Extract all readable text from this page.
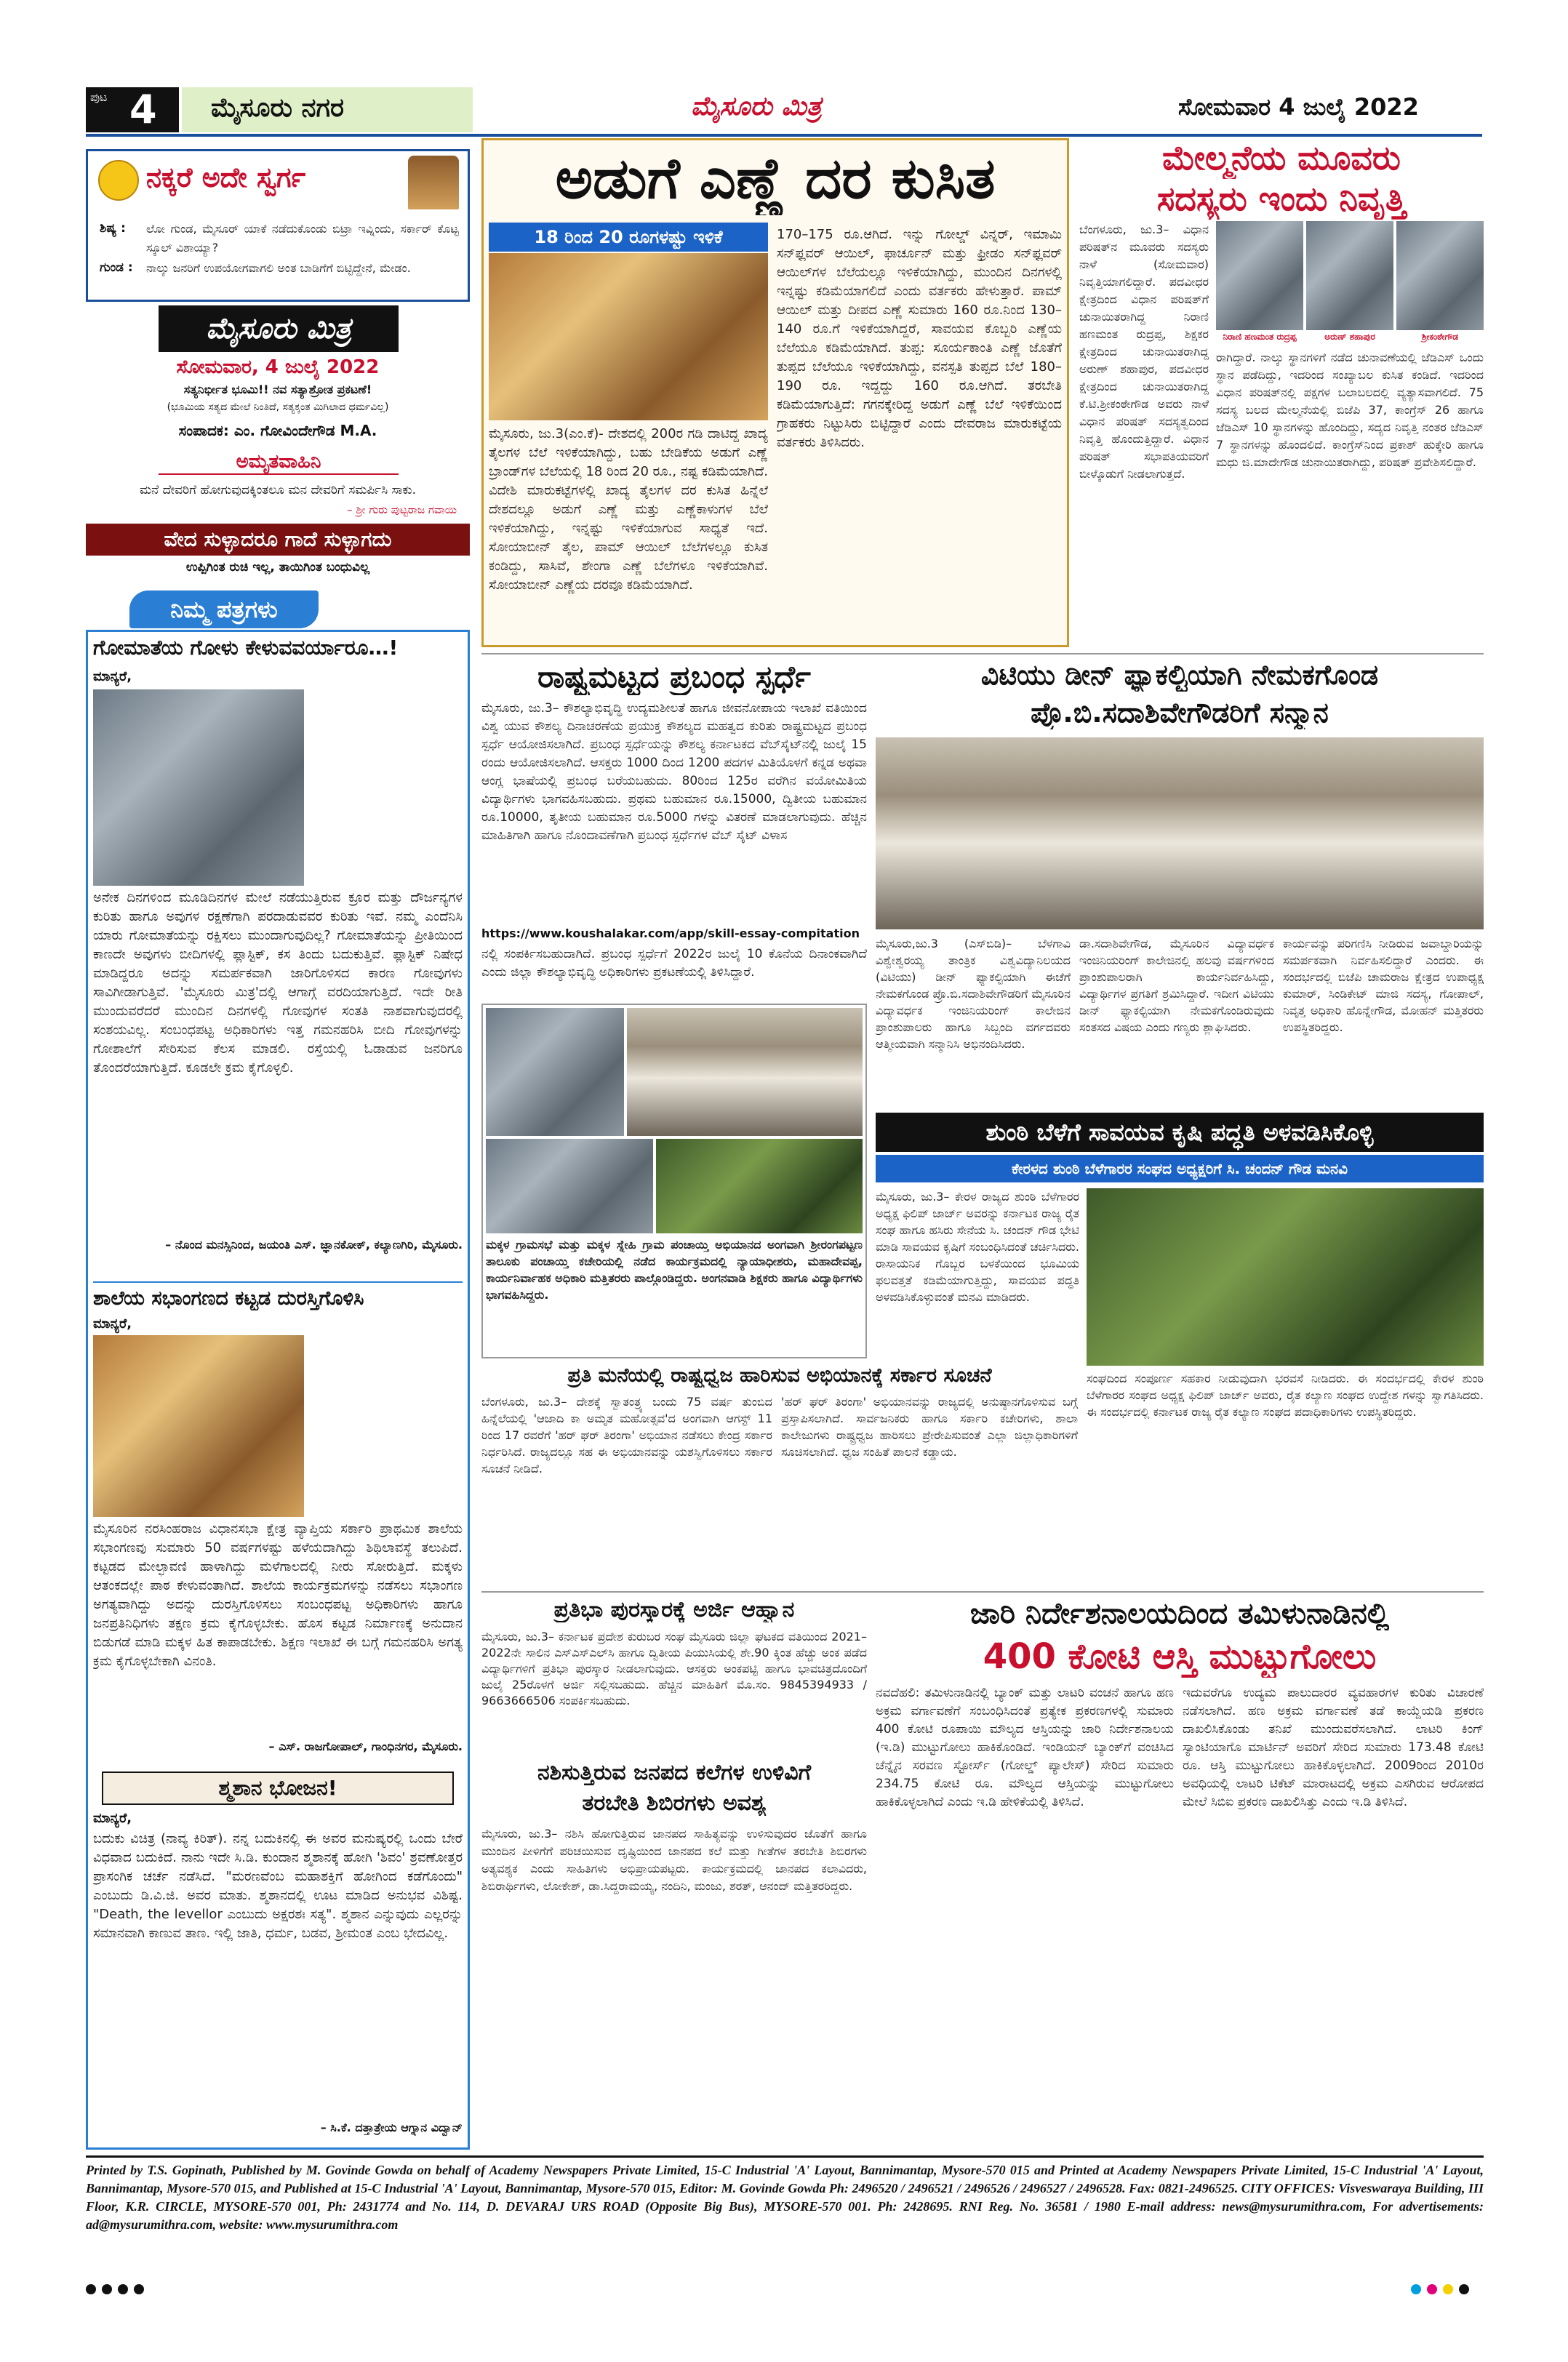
ಪುಟ 4 ಮೈಸೂರು ನಗರ	ಮೈಸೂರು ಮಿತ್ರ	ಸೋಮವಾರ 4 ಜುಲೈ 2022
ನಕ್ಕರೆ ಅದೇ ಸ್ವರ್ಗ
ಶಿಷ್ಯ : ಲೋ ಗುಂಡ, ಮೈಸೂರ್ ಯಾಕೆ ನಡೆದುಕೊಂಡು ಬಿಟ್ರಾ ಇವ್ನಿಂದು, ಸರ್ಕಾರ್ ಕೊಟ್ಟ ಸ್ಕೂಲ್ ವಿಶಾಯ್ಯಾ?
ಗುಂಡ : ನಾಲ್ಕು ಜನರಿಗೆ ಉಪಯೋಗವಾಗಲಿ ಅಂತ ಬಾಡಿಗೆಗೆ ಬಿಟ್ಟಿದ್ದೇನೆ, ಮೇಡಂ.
ಮೈಸೂರು ಮಿತ್ರ
ಸೋಮವಾರ, 4 ಜುಲೈ 2022
ಸತ್ಯನಿರ್ಭೀತ ಭೂಮಿ!! ನವ ಸತ್ಯಾಶ್ರೋತ ಪ್ರಕಟಣೆ!
(ಭೂಮಿಯ ಸತ್ಯದ ಮೇಲೆ ನಿಂತಿದೆ, ಸತ್ಯಕ್ಕಂತ ಮಿಗಿಲಾದ ಧರ್ಮವಿಲ್ಲ)
ಸಂಪಾದಕ: ಎಂ. ಗೋವಿಂದೇಗೌಡ M.A.
ಅಮೃತವಾಹಿನಿ
ಮನೆ ದೇವರಿಗೆ ಹೋಗುವುದಕ್ಕಿಂತಲೂ ಮನ ದೇವರಿಗೆ ಸಮರ್ಪಿಸಿ ಸಾಕು.
– ಶ್ರೀ ಗುರು ಪುಟ್ಟರಾಜ ಗವಾಯಿ
ವೇದ ಸುಳ್ಳಾದರೂ ಗಾದೆ ಸುಳ್ಳಾಗದು
ಉಪ್ಪಿಗಿಂತ ರುಚಿ ಇಲ್ಲ, ತಾಯಿಗಿಂತ ಬಂಧುವಿಲ್ಲ
ನಿಮ್ಮ ಪತ್ರಗಳು
ಗೋಮಾತೆಯ ಗೋಳು ಕೇಳುವವರ್ಯಾರೂ…!
ಮಾನ್ಯರೆ,
ಅನೇಕ ದಿನಗಳಿಂದ ಮೂಡಿದಿನಗಳ ಮೇಲೆ ನಡೆಯುತ್ತಿರುವ ಕ್ರೂರ ಮತ್ತು ದೌರ್ಜನ್ಯಗಳ ಕುರಿತು ಹಾಗೂ ಅವುಗಳ ರಕ್ಷಣೆಗಾಗಿ ಪರದಾಡುವವರ ಕುರಿತು ಇವೆ. ನಮ್ಮ ಎಂದೆನಿಸಿ ಯಾರು ಗೋಮಾತೆಯನ್ನು ರಕ್ಷಿಸಲು ಮುಂದಾಗುವುದಿಲ್ಲ? ಗೋಮಾತೆಯನ್ನು ಪ್ರೀತಿಯಿಂದ ಕಾಣದೇ ಅವುಗಳು ಬೀದಿಗಳಲ್ಲಿ ಪ್ಲಾಸ್ಟಿಕ್, ಕಸ ತಿಂದು ಬದುಕುತ್ತಿವೆ. ಪ್ಲಾಸ್ಟಿಕ್ ನಿಷೇಧ ಮಾಡಿದ್ದರೂ ಅದನ್ನು ಸಮರ್ಪಕವಾಗಿ ಜಾರಿಗೊಳಿಸದ ಕಾರಣ ಗೋವುಗಳು ಸಾವಿಗೀಡಾಗುತ್ತಿವೆ. 'ಮೈಸೂರು ಮಿತ್ರ'ದಲ್ಲಿ ಆಗಾಗ್ಗೆ ವರದಿಯಾಗುತ್ತಿದೆ. ಇದೇ ರೀತಿ ಮುಂದುವರೆದರೆ ಮುಂದಿನ ದಿನಗಳಲ್ಲಿ ಗೋವುಗಳ ಸಂತತಿ ನಾಶವಾಗುವುದರಲ್ಲಿ ಸಂಶಯವಿಲ್ಲ. ಸಂಬಂಧಪಟ್ಟ ಅಧಿಕಾರಿಗಳು ಇತ್ತ ಗಮನಹರಿಸಿ ಬೀದಿ ಗೋವುಗಳನ್ನು ಗೋಶಾಲೆಗೆ ಸೇರಿಸುವ ಕೆಲಸ ಮಾಡಲಿ. ರಸ್ತೆಯಲ್ಲಿ ಓಡಾಡುವ ಜನರಿಗೂ ತೊಂದರೆಯಾಗುತ್ತಿದೆ. ಕೂಡಲೇ ಕ್ರಮ ಕೈಗೊಳ್ಳಲಿ.
– ನೊಂದ ಮನಸ್ಸಿನಿಂದ, ಜಯಂತಿ ಎಸ್. ಜ್ಞಾನಕೋಕ್, ಕಲ್ಯಾಣಗಿರಿ, ಮೈಸೂರು.
ಶಾಲೆಯ ಸಭಾಂಗಣದ ಕಟ್ಟಡ ದುರಸ್ತಿಗೊಳಿಸಿ
ಮಾನ್ಯರೆ,
ಮೈಸೂರಿನ ನರಸಿಂಹರಾಜ ವಿಧಾನಸಭಾ ಕ್ಷೇತ್ರ ವ್ಯಾಪ್ತಿಯ ಸರ್ಕಾರಿ ಪ್ರಾಥಮಿಕ ಶಾಲೆಯ ಸಭಾಂಗಣವು ಸುಮಾರು 50 ವರ್ಷಗಳಷ್ಟು ಹಳೆಯದಾಗಿದ್ದು ಶಿಥಿಲಾವಸ್ಥೆ ತಲುಪಿದೆ. ಕಟ್ಟಡದ ಮೇಲ್ಛಾವಣಿ ಹಾಳಾಗಿದ್ದು ಮಳೆಗಾಲದಲ್ಲಿ ನೀರು ಸೋರುತ್ತಿದೆ. ಮಕ್ಕಳು ಆತಂಕದಲ್ಲೇ ಪಾಠ ಕೇಳುವಂತಾಗಿದೆ. ಶಾಲೆಯ ಕಾರ್ಯಕ್ರಮಗಳನ್ನು ನಡೆಸಲು ಸಭಾಂಗಣ ಅಗತ್ಯವಾಗಿದ್ದು ಅದನ್ನು ದುರಸ್ತಿಗೊಳಿಸಲು ಸಂಬಂಧಪಟ್ಟ ಅಧಿಕಾರಿಗಳು ಹಾಗೂ ಜನಪ್ರತಿನಿಧಿಗಳು ತಕ್ಷಣ ಕ್ರಮ ಕೈಗೊಳ್ಳಬೇಕು. ಹೊಸ ಕಟ್ಟಡ ನಿರ್ಮಾಣಕ್ಕೆ ಅನುದಾನ ಬಿಡುಗಡೆ ಮಾಡಿ ಮಕ್ಕಳ ಹಿತ ಕಾಪಾಡಬೇಕು. ಶಿಕ್ಷಣ ಇಲಾಖೆ ಈ ಬಗ್ಗೆ ಗಮನಹರಿಸಿ ಅಗತ್ಯ ಕ್ರಮ ಕೈಗೊಳ್ಳಬೇಕಾಗಿ ವಿನಂತಿ.
– ಎಸ್. ರಾಜಗೋಪಾಲ್, ಗಾಂಧಿನಗರ, ಮೈಸೂರು.
ಶ್ಮಶಾನ ಭೋಜನ!
ಮಾನ್ಯರೆ,
ಬದುಕು ವಿಚಿತ್ರ (ನಾವ್ಯ ಕಿರಿತ್). ನನ್ನ ಬದುಕಿನಲ್ಲಿ ಈ ಅವರ ಮನುಷ್ಯರಲ್ಲಿ ಒಂದು ಬೇರೆ ವಿಧವಾದ ಬದುಕಿದೆ. ನಾನು ಇದೇ ಸಿ.ಡಿ. ಕುಂದಾನ ಶ್ಮಶಾನಕ್ಕೆ ಹೋಗಿ 'ಶಿವಂ' ಶ್ರವಣೋತ್ತರ ಪ್ರಾಸಂಗಿಕ ಚರ್ಚೆ ನಡೆಸಿದೆ. "ಮರಣವೆಂಬ ಮಹಾಶಕ್ತಿಗೆ ಹೋಗಿಂದ ಕಡೆಗೊಂದು" ಎಂಬುದು ಡಿ.ವಿ.ಜಿ. ಅವರ ಮಾತು. ಶ್ಮಶಾನದಲ್ಲಿ ಊಟ ಮಾಡಿದ ಅನುಭವ ವಿಶಿಷ್ಟ. "Death, the levellor ಎಂಬುದು ಅಕ್ಷರಶಃ ಸತ್ಯ". ಶ್ಮಶಾನ ಎನ್ನುವುದು ಎಲ್ಲರನ್ನು ಸಮಾನವಾಗಿ ಕಾಣುವ ತಾಣ. ಇಲ್ಲಿ ಜಾತಿ, ಧರ್ಮ, ಬಡವ, ಶ್ರೀಮಂತ ಎಂಬ ಭೇದವಿಲ್ಲ.
– ಸಿ.ಕೆ. ದತ್ತಾತ್ರೇಯ ಆಗ್ನಾನ ವಿದ್ವಾನ್
ಅಡುಗೆ ಎಣ್ಣೆ ದರ ಕುಸಿತ
18 ರಿಂದ 20 ರೂಗಳಷ್ಟು ಇಳಿಕೆ
ಮೈಸೂರು, ಜು.3(ಎಂ.ಕೆ)- ದೇಶದಲ್ಲಿ 200ರ ಗಡಿ ದಾಟಿದ್ದ ಖಾದ್ಯ ತೈಲಗಳ ಬೆಲೆ ಇಳಿಕೆಯಾಗಿದ್ದು, ಬಹು ಬೇಡಿಕೆಯ ಅಡುಗೆ ಎಣ್ಣೆ ಬ್ರಾಂಡ್‌ಗಳ ಬೆಲೆಯಲ್ಲಿ 18 ರಿಂದ 20 ರೂ., ನಷ್ಟ ಕಡಿಮೆಯಾಗಿದೆ. ವಿದೇಶಿ ಮಾರುಕಟ್ಟೆಗಳಲ್ಲಿ ಖಾದ್ಯ ತೈಲಗಳ ದರ ಕುಸಿತ ಹಿನ್ನೆಲೆ ದೇಶದಲ್ಲೂ ಅಡುಗೆ ಎಣ್ಣೆ ಮತ್ತು ಎಣ್ಣೆಕಾಳುಗಳ ಬೆಲೆ ಇಳಿಕೆಯಾಗಿದ್ದು, ಇನ್ನಷ್ಟು ಇಳಿಕೆಯಾಗುವ ಸಾಧ್ಯತೆ ಇದೆ. ಸೋಯಾಬೀನ್ ತೈಲ, ಪಾಮ್ ಆಯಿಲ್ ಬೆಲೆಗಳಲ್ಲೂ ಕುಸಿತ ಕಂಡಿದ್ದು, ಸಾಸಿವೆ, ಶೇಂಗಾ ಎಣ್ಣೆ ಬೆಲೆಗಳೂ ಇಳಿಕೆಯಾಗಿವೆ. ಸೋಯಾಬೀನ್ ಎಣ್ಣೆಯ ದರವೂ ಕಡಿಮೆಯಾಗಿದೆ.
170–175 ರೂ.ಆಗಿದೆ. ಇನ್ನು ಗೋಲ್ಡ್ ವಿನ್ನರ್, ಇಮಾಮಿ ಸನ್‌ಫ್ಲವರ್ ಆಯಿಲ್, ಫಾರ್ಚೂನ್ ಮತ್ತು ಫ್ರೀಡಂ ಸನ್‌ಫ್ಲವರ್ ಆಯಿಲ್‌ಗಳ ಬೆಲೆಯಲ್ಲೂ ಇಳಿಕೆಯಾಗಿದ್ದು, ಮುಂದಿನ ದಿನಗಳಲ್ಲಿ ಇನ್ನಷ್ಟು ಕಡಿಮೆಯಾಗಲಿದೆ ಎಂದು ವರ್ತಕರು ಹೇಳುತ್ತಾರೆ. ಪಾಮ್ ಆಯಿಲ್ ಮತ್ತು ದೀಪದ ಎಣ್ಣೆ ಸುಮಾರು 160 ರೂ.ನಿಂದ 130–140 ರೂ.ಗೆ ಇಳಿಕೆಯಾಗಿದ್ದರೆ, ಸಾವಯವ ಕೊಬ್ಬರಿ ಎಣ್ಣೆಯ ಬೆಲೆಯೂ ಕಡಿಮೆಯಾಗಿದೆ. ತುಪ್ಪ: ಸೂರ್ಯಕಾಂತಿ ಎಣ್ಣೆ ಜೊತೆಗೆ ತುಪ್ಪದ ಬೆಲೆಯೂ ಇಳಿಕೆಯಾಗಿದ್ದು, ವನಸ್ಪತಿ ತುಪ್ಪದ ಬೆಲೆ 180–190 ರೂ. ಇದ್ದದ್ದು 160 ರೂ.ಆಗಿದೆ. ತರಬೇತಿ ಕಡಿಮೆಯಾಗುತ್ತಿದೆ: ಗಗನಕ್ಕೇರಿದ್ದ ಅಡುಗೆ ಎಣ್ಣೆ ಬೆಲೆ ಇಳಿಕೆಯಿಂದ ಗ್ರಾಹಕರು ನಿಟ್ಟುಸಿರು ಬಿಟ್ಟಿದ್ದಾರೆ ಎಂದು ದೇವರಾಜ ಮಾರುಕಟ್ಟೆಯ ವರ್ತಕರು ತಿಳಿಸಿದರು.
ಮೇಲ್ಮನೆಯ ಮೂವರು
ಸದಸ್ಯರು ಇಂದು ನಿವೃತ್ತಿ
ಬೆಂಗಳೂರು, ಜು.3– ವಿಧಾನ ಪರಿಷತ್‌ನ ಮೂವರು ಸದಸ್ಯರು ನಾಳೆ (ಸೋಮವಾರ) ನಿವೃತ್ತಿಯಾಗಲಿದ್ದಾರೆ. ಪದವೀಧರ ಕ್ಷೇತ್ರದಿಂದ ವಿಧಾನ ಪರಿಷತ್‌ಗೆ ಚುನಾಯಿತರಾಗಿದ್ದ ನಿರಾಣಿ ಹಣಮಂತ ರುದ್ರಪ್ಪ, ಶಿಕ್ಷಕರ ಕ್ಷೇತ್ರದಿಂದ ಚುನಾಯಿತರಾಗಿದ್ದ ಅರುಣ್ ಶಹಾಪುರ, ಪದವೀಧರ ಕ್ಷೇತ್ರದಿಂದ ಚುನಾಯಿತರಾಗಿದ್ದ ಕೆ.ಟಿ.ಶ್ರೀಕಂಠೇಗೌಡ ಅವರು ನಾಳೆ ವಿಧಾನ ಪರಿಷತ್ ಸದಸ್ಯತ್ವದಿಂದ ನಿವೃತ್ತಿ ಹೊಂದುತ್ತಿದ್ದಾರೆ. ವಿಧಾನ ಪರಿಷತ್ ಸಭಾಪತಿಯವರಿಗೆ ಬೀಳ್ಕೊಡುಗೆ ನೀಡಲಾಗುತ್ತದೆ.
ನಿರಾಣಿ ಹಣಮಂತ ರುದ್ರಪ್ಪ	ಅರುಣ್ ಶಹಾಪುರ	ಶ್ರೀಕಂಠೇಗೌಡ
ರಾಗಿದ್ದಾರೆ. ನಾಲ್ಕು ಸ್ಥಾನಗಳಿಗೆ ನಡೆದ ಚುನಾವಣೆಯಲ್ಲಿ ಜೆಡಿಎಸ್ ಒಂದು ಸ್ಥಾನ ಪಡೆದಿದ್ದು, ಇದರಿಂದ ಸಂಖ್ಯಾಬಲ ಕುಸಿತ ಕಂಡಿದೆ. ಇದರಿಂದ ವಿಧಾನ ಪರಿಷತ್‌ನಲ್ಲಿ ಪಕ್ಷಗಳ ಬಲಾಬಲದಲ್ಲಿ ವ್ಯತ್ಯಾಸವಾಗಲಿದೆ. 75 ಸದಸ್ಯ ಬಲದ ಮೇಲ್ಮನೆಯಲ್ಲಿ ಬಿಜೆಪಿ 37, ಕಾಂಗ್ರೆಸ್ 26 ಹಾಗೂ ಜೆಡಿಎಸ್ 10 ಸ್ಥಾನಗಳನ್ನು ಹೊಂದಿದ್ದು, ಸದ್ಯದ ನಿವೃತ್ತಿ ನಂತರ ಜೆಡಿಎಸ್ 7 ಸ್ಥಾನಗಳನ್ನು ಹೊಂದಲಿದೆ. ಕಾಂಗ್ರೆಸ್‌ನಿಂದ ಪ್ರಕಾಶ್ ಹುಕ್ಕೇರಿ ಹಾಗೂ ಮಧು ಜಿ.ಮಾದೇಗೌಡ ಚುನಾಯಿತರಾಗಿದ್ದು, ಪರಿಷತ್ ಪ್ರವೇಶಿಸಲಿದ್ದಾರೆ.
ರಾಷ್ಟ್ರಮಟ್ಟದ ಪ್ರಬಂಧ ಸ್ಪರ್ಧೆ
ಮೈಸೂರು, ಜು.3– ಕೌಶಲ್ಯಾಭಿವೃದ್ಧಿ ಉದ್ಯಮಶೀಲತೆ ಹಾಗೂ ಜೀವನೋಪಾಯ ಇಲಾಖೆ ವತಿಯಿಂದ ವಿಶ್ವ ಯುವ ಕೌಶಲ್ಯ ದಿನಾಚರಣೆಯ ಪ್ರಯುಕ್ತ ಕೌಶಲ್ಯದ ಮಹತ್ವದ ಕುರಿತು ರಾಷ್ಟ್ರಮಟ್ಟದ ಪ್ರಬಂಧ ಸ್ಪರ್ಧೆ ಆಯೋಜಿಸಲಾಗಿದೆ. ಪ್ರಬಂಧ ಸ್ಪರ್ಧೆಯನ್ನು ಕೌಶಲ್ಯ ಕರ್ನಾಟಕದ ವೆಬ್‌ಸೈಟ್‌ನಲ್ಲಿ ಜುಲೈ 15 ರಂದು ಆಯೋಜಿಸಲಾಗಿದೆ. ಆಸಕ್ತರು 1000 ದಿಂದ 1200 ಪದಗಳ ಮಿತಿಯೊಳಗೆ ಕನ್ನಡ ಅಥವಾ ಆಂಗ್ಲ ಭಾಷೆಯಲ್ಲಿ ಪ್ರಬಂಧ ಬರೆಯಬಹುದು. 80ರಿಂದ 125ರ ವರೆಗಿನ ವಯೋಮಿತಿಯ ವಿದ್ಯಾರ್ಥಿಗಳು ಭಾಗವಹಿಸಬಹುದು. ಪ್ರಥಮ ಬಹುಮಾನ ರೂ.15000, ದ್ವಿತೀಯ ಬಹುಮಾನ ರೂ.10000, ತೃತೀಯ ಬಹುಮಾನ ರೂ.5000 ಗಳನ್ನು ವಿತರಣೆ ಮಾಡಲಾಗುವುದು. ಹೆಚ್ಚಿನ ಮಾಹಿತಿಗಾಗಿ ಹಾಗೂ ನೊಂದಾವಣೆಗಾಗಿ ಪ್ರಬಂಧ ಸ್ಪರ್ಧೆಗಳ ವೆಬ್ ಸೈಟ್ ವಿಳಾಸ
https://www.koushalakar.com/app/skill-essay-compitation
ನಲ್ಲಿ ಸಂಪರ್ಕಿಸಬಹುದಾಗಿದೆ. ಪ್ರಬಂಧ ಸ್ಪರ್ಧೆಗೆ 2022ರ ಜುಲೈ 10 ಕೊನೆಯ ದಿನಾಂಕವಾಗಿದೆ ಎಂದು ಜಿಲ್ಲಾ ಕೌಶಲ್ಯಾಭಿವೃದ್ಧಿ ಅಧಿಕಾರಿಗಳು ಪ್ರಕಟಣೆಯಲ್ಲಿ ತಿಳಿಸಿದ್ದಾರೆ.
ವಿಟಿಯು ಡೀನ್ ಫ್ಯಾಕಲ್ಟಿಯಾಗಿ ನೇಮಕಗೊಂಡ
ಪ್ರೊ.ಬಿ.ಸದಾಶಿವೇಗೌಡರಿಗೆ ಸನ್ಮಾನ
ಮೈಸೂರು,ಜು.3 (ಎಸ್‌ಬಿಡಿ)– ಬೆಳಗಾವಿ ವಿಶ್ವೇಶ್ವರಯ್ಯ ತಾಂತ್ರಿಕ ವಿಶ್ವವಿದ್ಯಾನಿಲಯದ (ವಿಟಿಯು) ಡೀನ್ ಫ್ಯಾಕಲ್ಟಿಯಾಗಿ ಈಚೆಗೆ ನೇಮಕಗೊಂಡ ಪ್ರೊ.ಬಿ.ಸದಾಶಿವೇಗೌಡರಿಗೆ ಮೈಸೂರಿನ ವಿದ್ಯಾವರ್ಧಕ ಇಂಜಿನಿಯರಿಂಗ್ ಕಾಲೇಜಿನ ಪ್ರಾಂಶುಪಾಲರು ಹಾಗೂ ಸಿಬ್ಬಂದಿ ವರ್ಗದವರು ಆತ್ಮೀಯವಾಗಿ ಸನ್ಮಾನಿಸಿ ಅಭಿನಂದಿಸಿದರು.
ಡಾ.ಸದಾಶಿವೇಗೌಡ, ಮೈಸೂರಿನ ವಿದ್ಯಾವರ್ಧಕ ಇಂಜಿನಿಯರಿಂಗ್ ಕಾಲೇಜಿನಲ್ಲಿ ಹಲವು ವರ್ಷಗಳಿಂದ ಪ್ರಾಂಶುಪಾಲರಾಗಿ ಕಾರ್ಯನಿರ್ವಹಿಸಿದ್ದು, ವಿದ್ಯಾರ್ಥಿಗಳ ಪ್ರಗತಿಗೆ ಶ್ರಮಿಸಿದ್ದಾರೆ. ಇದೀಗ ವಿಟಿಯು ಡೀನ್ ಫ್ಯಾಕಲ್ಟಿಯಾಗಿ ನೇಮಕಗೊಂಡಿರುವುದು ಸಂತಸದ ವಿಷಯ ಎಂದು ಗಣ್ಯರು ಶ್ಲಾಘಿಸಿದರು.
ಕಾರ್ಯವನ್ನು ಪರಿಗಣಿಸಿ ನೀಡಿರುವ ಜವಾಬ್ದಾರಿಯನ್ನು ಸಮರ್ಪಕವಾಗಿ ನಿರ್ವಹಿಸಲಿದ್ದಾರೆ ಎಂದರು. ಈ ಸಂದರ್ಭದಲ್ಲಿ ಬಿಜೆಪಿ ಚಾಮರಾಜ ಕ್ಷೇತ್ರದ ಉಪಾಧ್ಯಕ್ಷ ಕುಮಾರ್, ಸಿಂಡಿಕೇಟ್ ಮಾಜಿ ಸದಸ್ಯ, ಗೋಪಾಲ್, ನಿವೃತ್ತ ಅಧಿಕಾರಿ ಹೊನ್ನೇಗೌಡ, ಮೋಹನ್ ಮತ್ತಿತರರು ಉಪಸ್ಥಿತರಿದ್ದರು.
ಮಕ್ಕಳ ಗ್ರಾಮಸಭೆ ಮತ್ತು ಮಕ್ಕಳ ಸ್ನೇಹಿ ಗ್ರಾಮ ಪಂಚಾಯ್ತಿ ಅಭಿಯಾನದ ಅಂಗವಾಗಿ ಶ್ರೀರಂಗಪಟ್ಟಣ ತಾಲೂಕು ಪಂಚಾಯ್ತಿ ಕಚೇರಿಯಲ್ಲಿ ನಡೆದ ಕಾರ್ಯಕ್ರಮದಲ್ಲಿ ನ್ಯಾಯಾಧೀಶರು, ಮಹಾದೇವಪ್ಪ, ಕಾರ್ಯನಿರ್ವಾಹಕ ಅಧಿಕಾರಿ ಮತ್ತಿತರರು ಪಾಲ್ಗೊಂಡಿದ್ದರು. ಅಂಗನವಾಡಿ ಶಿಕ್ಷಕರು ಹಾಗೂ ವಿದ್ಯಾರ್ಥಿಗಳು ಭಾಗವಹಿಸಿದ್ದರು.
ಶುಂಠಿ ಬೆಳೆಗೆ ಸಾವಯವ ಕೃಷಿ ಪದ್ಧತಿ ಅಳವಡಿಸಿಕೊಳ್ಳಿ
ಕೇರಳದ ಶುಂಠಿ ಬೆಳೆಗಾರರ ಸಂಘದ ಅಧ್ಯಕ್ಷರಿಗೆ ಸಿ. ಚಂದನ್ ಗೌಡ ಮನವಿ
ಮೈಸೂರು, ಜು.3– ಕೇರಳ ರಾಜ್ಯದ ಶುಂಠಿ ಬೆಳೆಗಾರರ ಅಧ್ಯಕ್ಷ ಫಿಲಿಪ್ ಜಾರ್ಜ್ ಅವರನ್ನು ಕರ್ನಾಟಕ ರಾಜ್ಯ ರೈತ ಸಂಘ ಹಾಗೂ ಹಸಿರು ಸೇನೆಯ ಸಿ. ಚಂದನ್ ಗೌಡ ಭೇಟಿ ಮಾಡಿ ಸಾವಯವ ಕೃಷಿಗೆ ಸಂಬಂಧಿಸಿದಂತೆ ಚರ್ಚಿಸಿದರು. ರಾಸಾಯನಿಕ ಗೊಬ್ಬರ ಬಳಕೆಯಿಂದ ಭೂಮಿಯ ಫಲವತ್ತತೆ ಕಡಿಮೆಯಾಗುತ್ತಿದ್ದು, ಸಾವಯವ ಪದ್ಧತಿ ಅಳವಡಿಸಿಕೊಳ್ಳುವಂತೆ ಮನವಿ ಮಾಡಿದರು.
ಸಂಘದಿಂದ ಸಂಪೂರ್ಣ ಸಹಕಾರ ನೀಡುವುದಾಗಿ ಭರವಸೆ ನೀಡಿದರು. ಈ ಸಂದರ್ಭದಲ್ಲಿ ಕೇರಳ ಶುಂಠಿ ಬೆಳೆಗಾರರ ಸಂಘದ ಅಧ್ಯಕ್ಷ ಫಿಲಿಪ್ ಜಾರ್ಜ್ ಅವರು, ರೈತ ಕಲ್ಯಾಣ ಸಂಘದ ಉದ್ದೇಶ ಗಳನ್ನು ಸ್ವಾಗತಿಸಿದರು. ಈ ಸಂದರ್ಭದಲ್ಲಿ ಕರ್ನಾಟಕ ರಾಜ್ಯ ರೈತ ಕಲ್ಯಾಣ ಸಂಘದ ಪದಾಧಿಕಾರಿಗಳು ಉಪಸ್ಥಿತರಿದ್ದರು.
ಪ್ರತಿ ಮನೆಯಲ್ಲಿ ರಾಷ್ಟ್ರಧ್ವಜ ಹಾರಿಸುವ ಅಭಿಯಾನಕ್ಕೆ ಸರ್ಕಾರ ಸೂಚನೆ
ಬೆಂಗಳೂರು, ಜು.3– ದೇಶಕ್ಕೆ ಸ್ವಾತಂತ್ರ್ಯ ಬಂದು 75 ವರ್ಷ ತುಂಬಿದ ಹಿನ್ನೆಲೆಯಲ್ಲಿ 'ಆಜಾದಿ ಕಾ ಅಮೃತ ಮಹೋತ್ಸವ'ದ ಅಂಗವಾಗಿ ಆಗಸ್ಟ್ 11 ರಿಂದ 17 ರವರೆಗೆ 'ಹರ್ ಘರ್ ತಿರಂಗಾ' ಅಭಿಯಾನ ನಡೆಸಲು ಕೇಂದ್ರ ಸರ್ಕಾರ ನಿರ್ಧರಿಸಿದೆ. ರಾಜ್ಯದಲ್ಲೂ ಸಹ ಈ ಅಭಿಯಾನವನ್ನು ಯಶಸ್ವಿಗೊಳಿಸಲು ಸರ್ಕಾರ ಸೂಚನೆ ನೀಡಿದೆ.
'ಹರ್ ಘರ್ ತಿರಂಗಾ' ಅಭಿಯಾನವನ್ನು ರಾಜ್ಯದಲ್ಲಿ ಅನುಷ್ಠಾನಗೊಳಿಸುವ ಬಗ್ಗೆ ಪ್ರಸ್ತಾಪಿಸಲಾಗಿದೆ. ಸಾರ್ವಜನಿಕರು ಹಾಗೂ ಸರ್ಕಾರಿ ಕಚೇರಿಗಳು, ಶಾಲಾ ಕಾಲೇಜುಗಳು ರಾಷ್ಟ್ರಧ್ವಜ ಹಾರಿಸಲು ಪ್ರೇರೇಪಿಸುವಂತೆ ಎಲ್ಲಾ ಜಿಲ್ಲಾಧಿಕಾರಿಗಳಿಗೆ ಸೂಚಿಸಲಾಗಿದೆ. ಧ್ವಜ ಸಂಹಿತೆ ಪಾಲನೆ ಕಡ್ಡಾಯ.
ಪ್ರತಿಭಾ ಪುರಸ್ಕಾರಕ್ಕೆ ಅರ್ಜಿ ಆಹ್ವಾನ
ಮೈಸೂರು, ಜು.3– ಕರ್ನಾಟಕ ಪ್ರದೇಶ ಕುರುಬರ ಸಂಘ ಮೈಸೂರು ಜಿಲ್ಲಾ ಘಟಕದ ವತಿಯಿಂದ 2021–2022ನೇ ಸಾಲಿನ ಎಸ್‌ಎಸ್‌ಎಲ್‌ಸಿ ಹಾಗೂ ದ್ವಿತೀಯ ಪಿಯುಸಿಯಲ್ಲಿ ಶೇ.90 ಕ್ಕಿಂತ ಹೆಚ್ಚು ಅಂಕ ಪಡೆದ ವಿದ್ಯಾರ್ಥಿಗಳಿಗೆ ಪ್ರತಿಭಾ ಪುರಸ್ಕಾರ ನೀಡಲಾಗುವುದು. ಆಸಕ್ತರು ಅಂಕಪಟ್ಟಿ ಹಾಗೂ ಭಾವಚಿತ್ರದೊಂದಿಗೆ ಜುಲೈ 25ರೊಳಗೆ ಅರ್ಜಿ ಸಲ್ಲಿಸಬಹುದು. ಹೆಚ್ಚಿನ ಮಾಹಿತಿಗೆ ಮೊ.ಸಂ. 9845394933 / 9663666506 ಸಂಪರ್ಕಿಸಬಹುದು.
ನಶಿಸುತ್ತಿರುವ ಜನಪದ ಕಲೆಗಳ ಉಳಿವಿಗೆ
ತರಬೇತಿ ಶಿಬಿರಗಳು ಅವಶ್ಯ
ಮೈಸೂರು, ಜು.3– ನಶಿಸಿ ಹೋಗುತ್ತಿರುವ ಜಾನಪದ ಸಾಹಿತ್ಯವನ್ನು ಉಳಿಸುವುದರ ಜೊತೆಗೆ ಹಾಗೂ ಮುಂದಿನ ಪೀಳಿಗೆಗೆ ಪರಿಚಯಿಸುವ ದೃಷ್ಟಿಯಿಂದ ಜಾನಪದ ಕಲೆ ಮತ್ತು ಗೀತೆಗಳ ತರಬೇತಿ ಶಿಬಿರಗಳು ಅತ್ಯವಶ್ಯಕ ಎಂದು ಸಾಹಿತಿಗಳು ಅಭಿಪ್ರಾಯಪಟ್ಟರು. ಕಾರ್ಯಕ್ರಮದಲ್ಲಿ ಜಾನಪದ ಕಲಾವಿದರು, ಶಿಬಿರಾರ್ಥಿಗಳು, ಲೋಕೇಶ್, ಡಾ.ಸಿದ್ದರಾಮಯ್ಯ, ನಂದಿನಿ, ಮಂಜು, ಶರತ್, ಆನಂದ್ ಮತ್ತಿತರರಿದ್ದರು.
ಜಾರಿ ನಿರ್ದೇಶನಾಲಯದಿಂದ ತಮಿಳುನಾಡಿನಲ್ಲಿ
400 ಕೋಟಿ ಆಸ್ತಿ ಮುಟ್ಟುಗೋಲು
ನವದೆಹಲಿ: ತಮಿಳುನಾಡಿನಲ್ಲಿ ಬ್ಯಾಂಕ್ ಮತ್ತು ಲಾಟರಿ ವಂಚನೆ ಹಾಗೂ ಹಣ ಅಕ್ರಮ ವರ್ಗಾವಣೆಗೆ ಸಂಬಂಧಿಸಿದಂತೆ ಪ್ರತ್ಯೇಕ ಪ್ರಕರಣಗಳಲ್ಲಿ ಸುಮಾರು 400 ಕೋಟಿ ರೂಪಾಯಿ ಮೌಲ್ಯದ ಆಸ್ತಿಯನ್ನು ಜಾರಿ ನಿರ್ದೇಶನಾಲಯ (ಇ.ಡಿ) ಮುಟ್ಟುಗೋಲು ಹಾಕಿಕೊಂಡಿದೆ. ಇಂಡಿಯನ್ ಬ್ಯಾಂಕ್‌ಗೆ ವಂಚಿಸಿದ ಚೆನ್ನೈನ ಸರವಣ ಸ್ಟೋರ್ಸ್ (ಗೋಲ್ಡ್ ಪ್ಯಾಲೇಸ್) ಸೇರಿದ ಸುಮಾರು 234.75 ಕೋಟಿ ರೂ. ಮೌಲ್ಯದ ಆಸ್ತಿಯನ್ನು ಮುಟ್ಟುಗೋಲು ಹಾಕಿಕೊಳ್ಳಲಾಗಿದೆ ಎಂದು ಇ.ಡಿ ಹೇಳಿಕೆಯಲ್ಲಿ ತಿಳಿಸಿದೆ.
ಇದುವರೆಗೂ ಉದ್ಯಮ ಪಾಲುದಾರರ ವ್ಯವಹಾರಗಳ ಕುರಿತು ವಿಚಾರಣೆ ನಡೆಸಲಾಗಿದೆ. ಹಣ ಅಕ್ರಮ ವರ್ಗಾವಣೆ ತಡೆ ಕಾಯ್ದೆಯಡಿ ಪ್ರಕರಣ ದಾಖಲಿಸಿಕೊಂಡು ತನಿಖೆ ಮುಂದುವರೆಸಲಾಗಿದೆ. ಲಾಟರಿ ಕಿಂಗ್ ಸ್ಯಾಂಟಿಯಾಗೊ ಮಾರ್ಟಿನ್ ಅವರಿಗೆ ಸೇರಿದ ಸುಮಾರು 173.48 ಕೋಟಿ ರೂ. ಆಸ್ತಿ ಮುಟ್ಟುಗೋಲು ಹಾಕಿಕೊಳ್ಳಲಾಗಿದೆ. 2009ರಿಂದ 2010ರ ಅವಧಿಯಲ್ಲಿ ಲಾಟರಿ ಟಿಕೆಟ್ ಮಾರಾಟದಲ್ಲಿ ಅಕ್ರಮ ಎಸಗಿರುವ ಆರೋಪದ ಮೇಲೆ ಸಿಬಿಐ ಪ್ರಕರಣ ದಾಖಲಿಸಿತ್ತು ಎಂದು ಇ.ಡಿ ತಿಳಿಸಿದೆ.
Printed by T.S. Gopinath, Published by M. Govinde Gowda on behalf of Academy Newspapers Private Limited, 15-C Industrial 'A' Layout, Bannimantap, Mysore-570 015 and Printed at Academy Newspapers Private Limited, 15-C Industrial 'A' Layout, Bannimantap, Mysore-570 015, and Published at 15-C Industrial 'A' Layout, Bannimantap, Mysore-570 015, Editor: M. Govinde Gowda Ph: 2496520 / 2496521 / 2496526 / 2496527 / 2496528. Fax: 0821-2496525. CITY OFFICES: Visveswaraya Building, III Floor, K.R. CIRCLE, MYSORE-570 001, Ph: 2431774 and No. 114, D. DEVARAJ URS ROAD (Opposite Big Bus), MYSORE-570 001. Ph: 2428695. RNI Reg. No. 36581 / 1980 E-mail address: news@mysurumithra.com, For advertisements: ad@mysurumithra.com, website: www.mysurumithra.com
